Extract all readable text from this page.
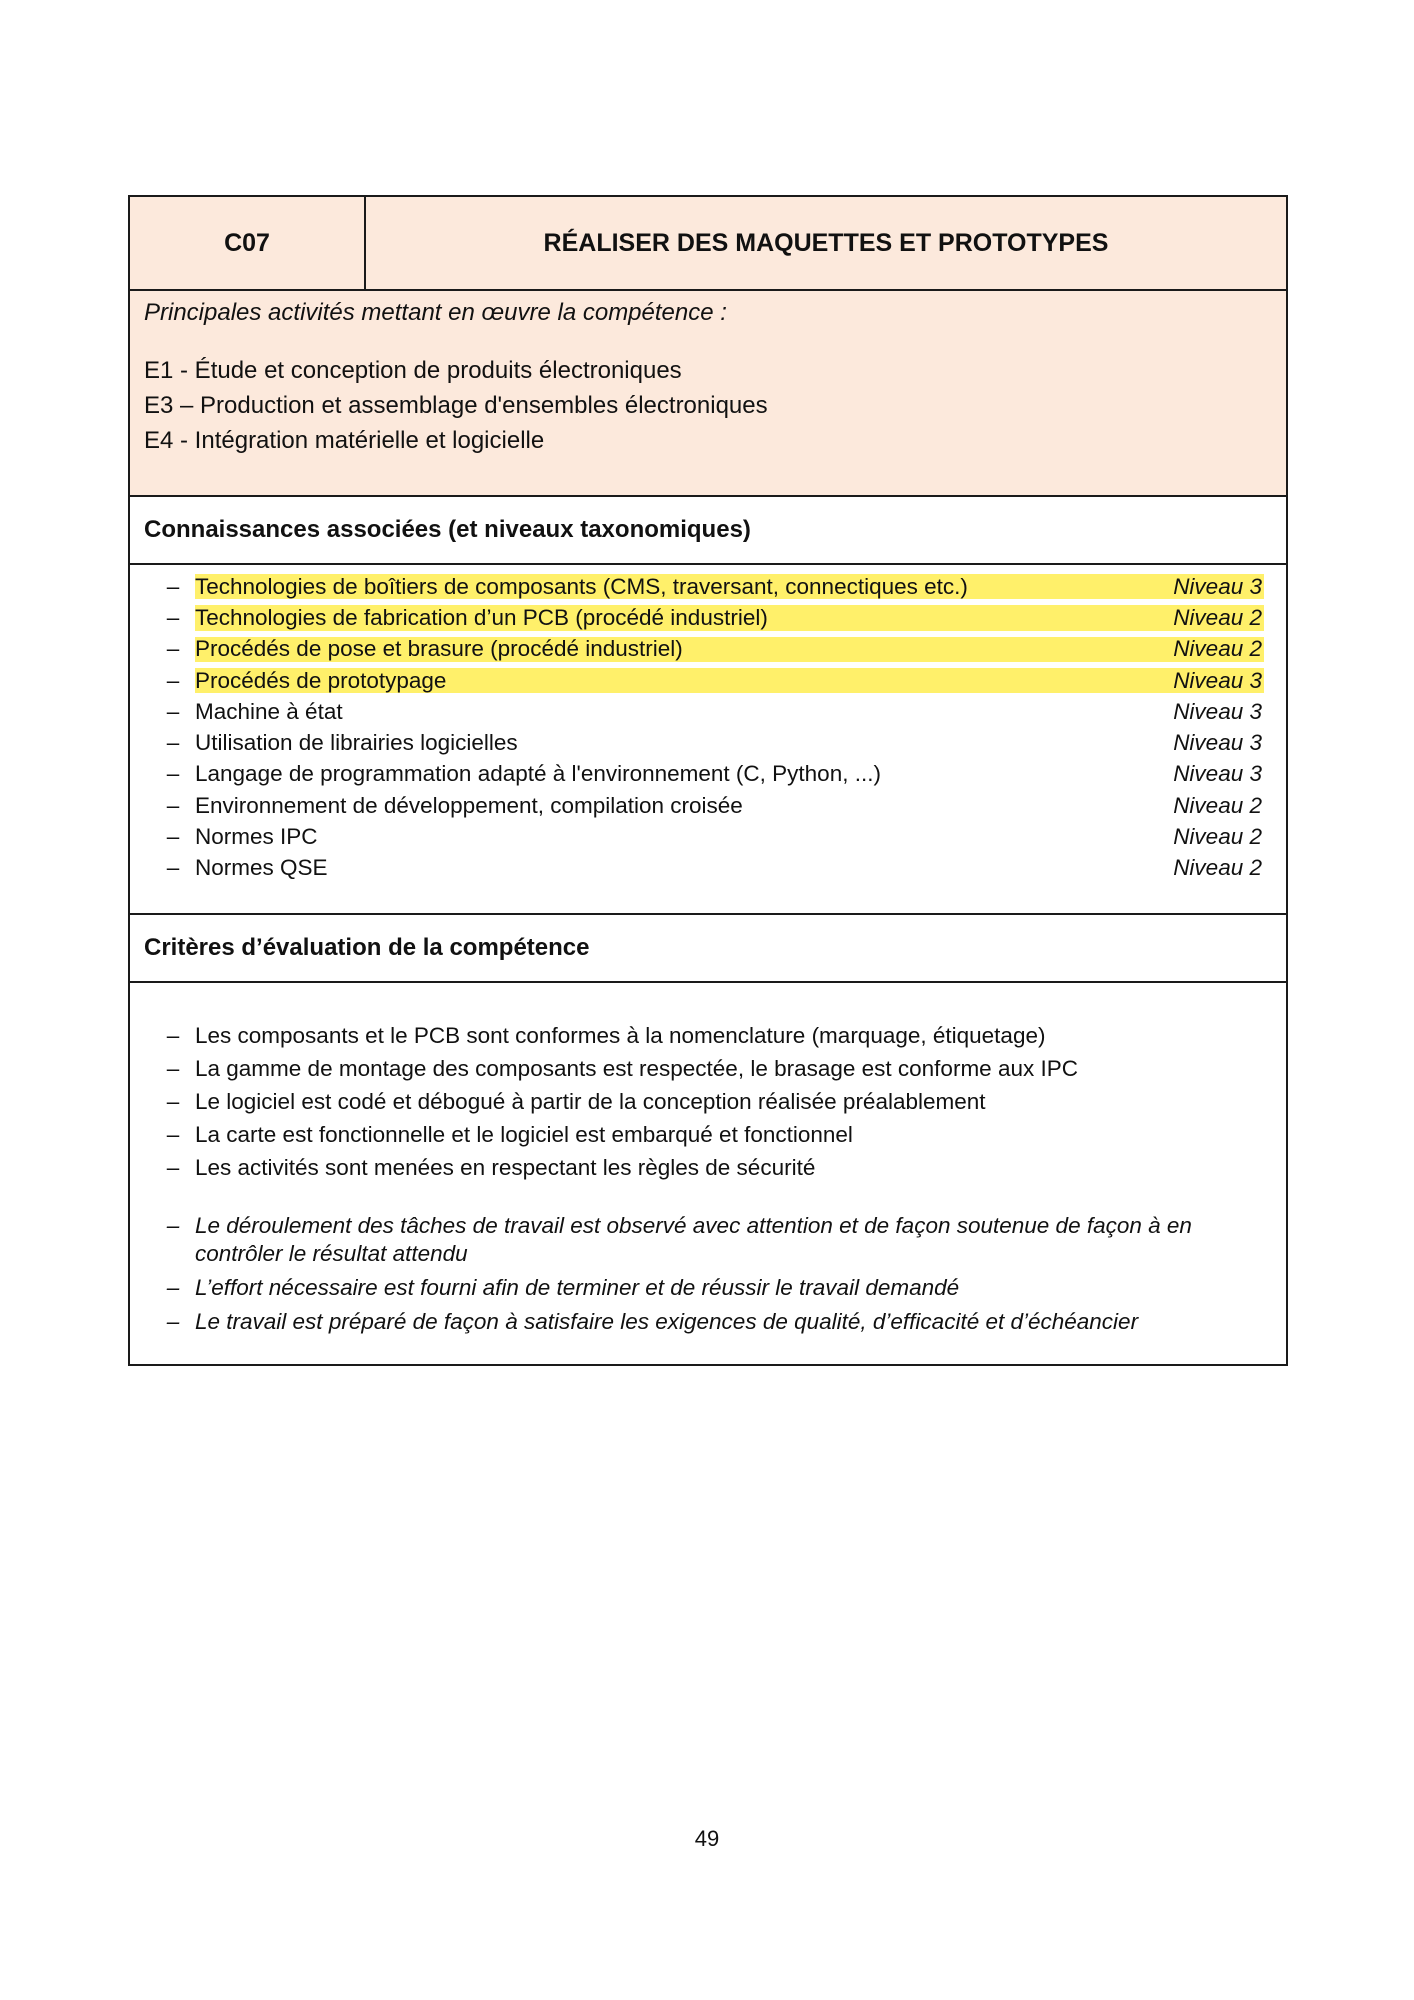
C07	RÉALISER DES MAQUETTES ET PROTOTYPES
Principales activités mettant en œuvre la compétence :
E1 - Étude et conception de produits électroniques
E3 – Production et assemblage d'ensembles électroniques
E4 - Intégration matérielle et logicielle
Connaissances associées (et niveaux taxonomiques)
– Technologies de boîtiers de composants (CMS, traversant, connectiques etc.)	Niveau 3
– Technologies de fabrication d’un PCB (procédé industriel)	Niveau 2
– Procédés de pose et brasure (procédé industriel)	Niveau 2
– Procédés de prototypage	Niveau 3
– Machine à état	Niveau 3
– Utilisation de librairies logicielles	Niveau 3
– Langage de programmation adapté à l'environnement (C, Python, ...)	Niveau 3
– Environnement de développement, compilation croisée	Niveau 2
– Normes IPC	Niveau 2
– Normes QSE	Niveau 2
Critères d’évaluation de la compétence
– Les composants et le PCB sont conformes à la nomenclature (marquage, étiquetage)
– La gamme de montage des composants est respectée, le brasage est conforme aux IPC
– Le logiciel est codé et débogué à partir de la conception réalisée préalablement
– La carte est fonctionnelle et le logiciel est embarqué et fonctionnel
– Les activités sont menées en respectant les règles de sécurité
– Le déroulement des tâches de travail est observé avec attention et de façon soutenue de façon à en contrôler le résultat attendu
– L’effort nécessaire est fourni afin de terminer et de réussir le travail demandé
– Le travail est préparé de façon à satisfaire les exigences de qualité, d’efficacité et d’échéancier
49
